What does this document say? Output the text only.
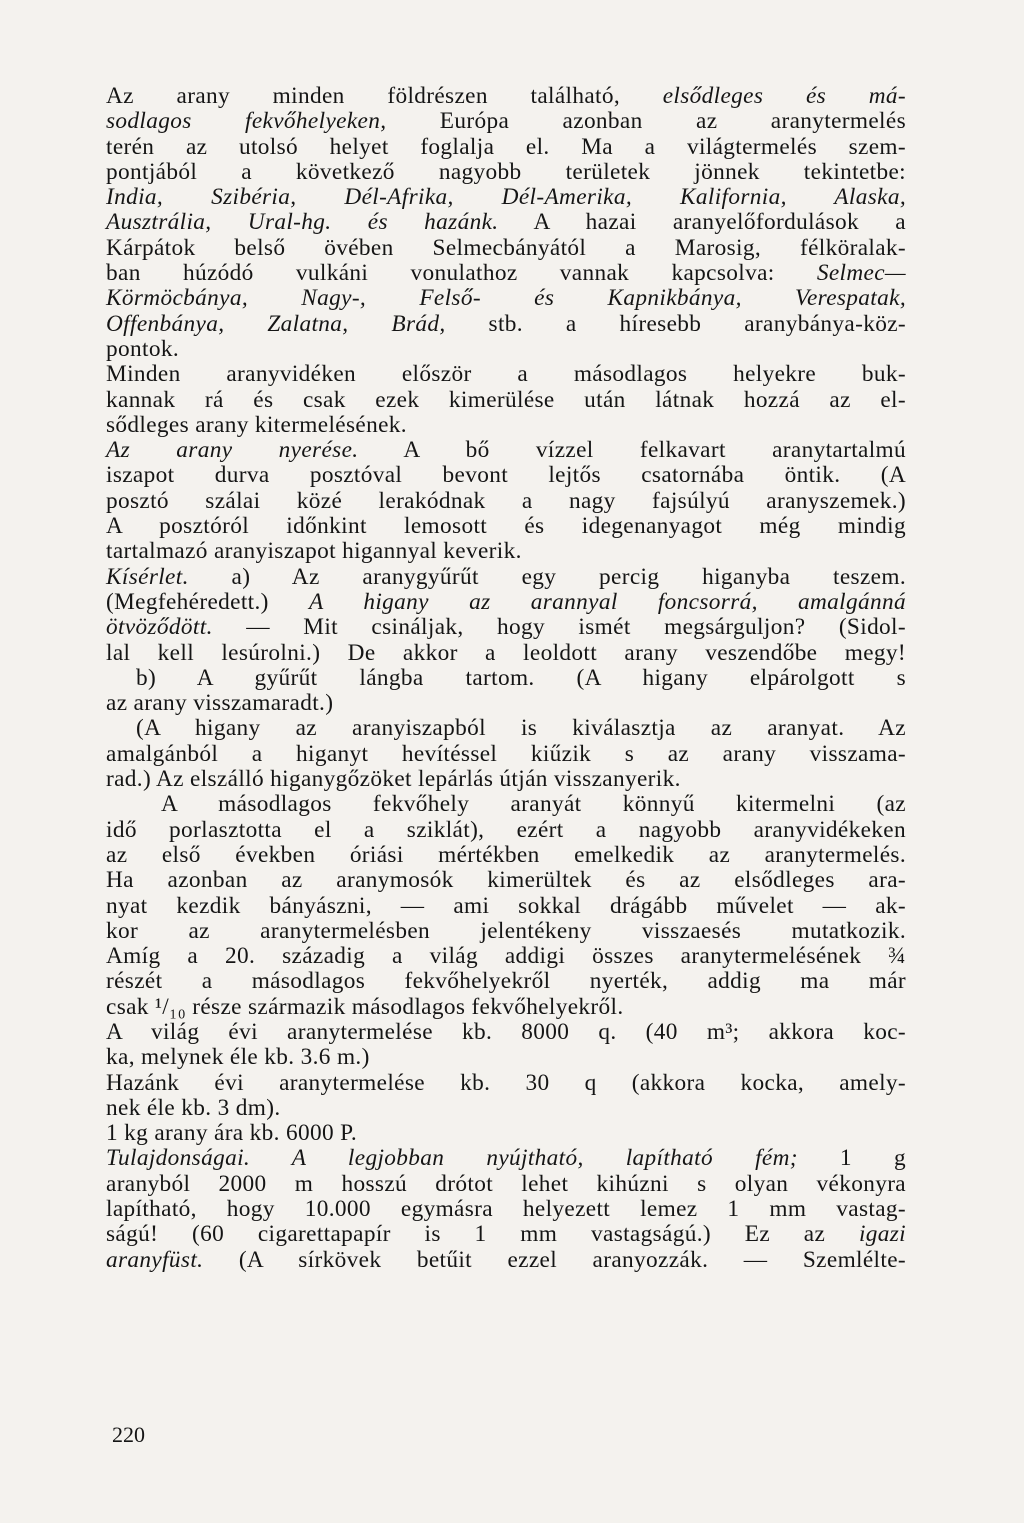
Az arany minden földrészen található, elsődleges és má-
sodlagos fekvőhelyeken, Európa azonban az aranytermelés
terén az utolsó helyet foglalja el. Ma a világtermelés szem-
pontjából a következő nagyobb területek jönnek tekintetbe:
India, Szibéria, Dél-Afrika, Dél-Amerika, Kalifornia, Alaska,
Ausztrália, Ural-hg. és hazánk. A hazai aranyelőfordulások a
Kárpátok belső övében Selmecbányától a Marosig, félköralak-
ban húzódó vulkáni vonulathoz vannak kapcsolva: Selmec—
Körmöcbánya, Nagy-, Felső- és Kapnikbánya, Verespatak,
Offenbánya, Zalatna, Brád, stb. a híresebb aranybánya-köz-
pontok.
Minden aranyvidéken először a másodlagos helyekre buk-
kannak rá és csak ezek kimerülése után látnak hozzá az el-
sődleges arany kitermelésének.
Az arany nyerése. A bő vízzel felkavart aranytartalmú
iszapot durva posztóval bevont lejtős csatornába öntik. (A
posztó szálai közé lerakódnak a nagy fajsúlyú aranyszemek.)
A posztóról időnkint lemosott és idegenanyagot még mindig
tartalmazó aranyiszapot higannyal keverik.
Kísérlet. a) Az aranygyűrűt egy percig higanyba teszem.
(Megfehéredett.) A higany az arannyal foncsorrá, amalgánná
ötvöződött. — Mit csináljak, hogy ismét megsárguljon? (Sidol-
lal kell lesúrolni.) De akkor a leoldott arany veszendőbe megy!
b) A gyűrűt lángba tartom. (A higany elpárolgott s
az arany visszamaradt.)
(A higany az aranyiszapból is kiválasztja az aranyat. Az
amalgánból a higanyt hevítéssel kiűzik s az arany visszama-
rad.) Az elszálló higanygőzöket lepárlás útján visszanyerik.
A másodlagos fekvőhely aranyát könnyű kitermelni (az
idő porlasztotta el a sziklát), ezért a nagyobb aranyvidékeken
az első években óriási mértékben emelkedik az aranytermelés.
Ha azonban az aranymosók kimerültek és az elsődleges ara-
nyat kezdik bányászni, — ami sokkal drágább művelet — ak-
kor az aranytermelésben jelentékeny visszaesés mutatkozik.
Amíg a 20. századig a világ addigi összes aranytermelésének ¾
részét a másodlagos fekvőhelyekről nyerték, addig ma már
csak ¹/₁₀ része származik másodlagos fekvőhelyekről.
A világ évi aranytermelése kb. 8000 q. (40 m³; akkora koc-
ka, melynek éle kb. 3.6 m.)
Hazánk évi aranytermelése kb. 30 q (akkora kocka, amely-
nek éle kb. 3 dm).
1 kg arany ára kb. 6000 P.
Tulajdonságai. A legjobban nyújtható, lapítható fém; 1 g
aranyból 2000 m hosszú drótot lehet kihúzni s olyan vékonyra
lapítható, hogy 10.000 egymásra helyezett lemez 1 mm vastag-
ságú! (60 cigarettapapír is 1 mm vastagságú.) Ez az igazi
aranyfüst. (A sírkövek betűit ezzel aranyozzák. — Szemlélte-
220
